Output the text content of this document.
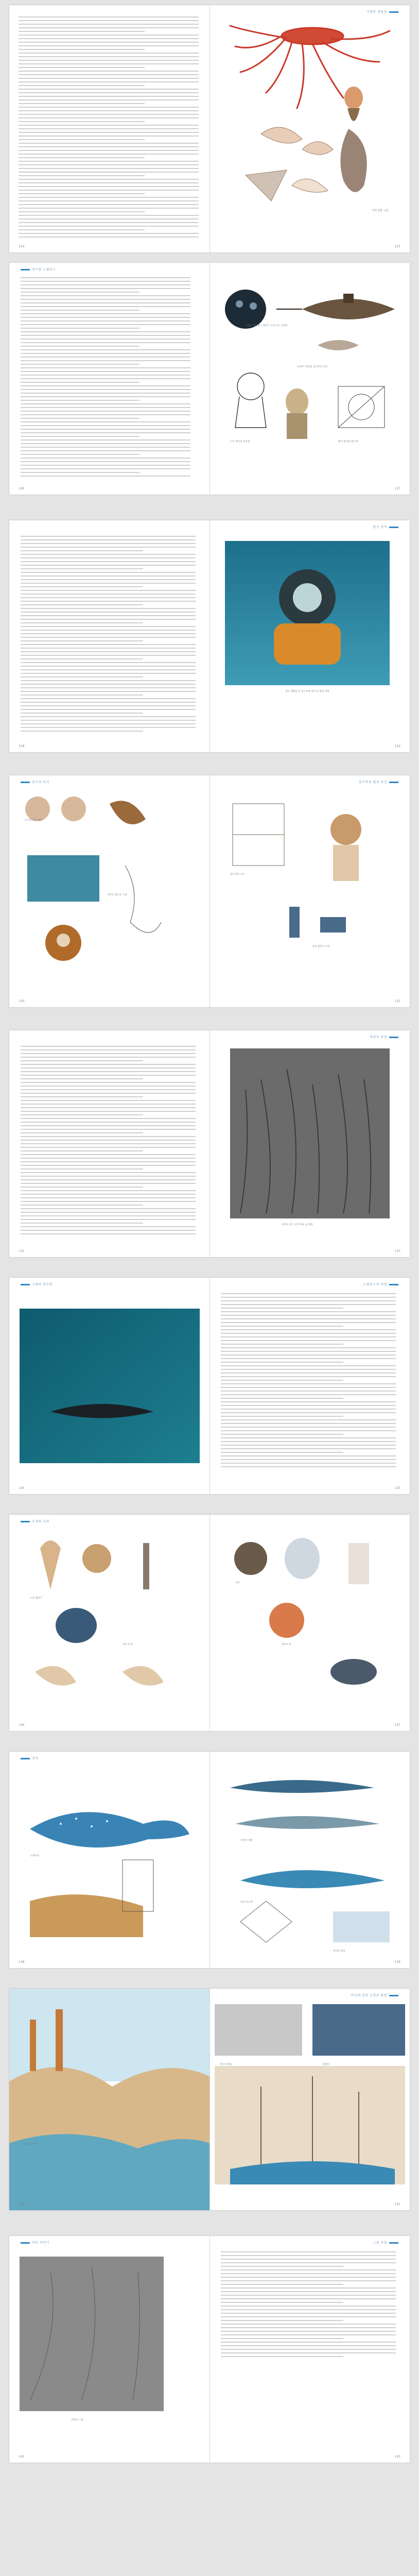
124
거대한 생물들
거대 생물 그림
125
잠수함 노틸러스
126
프랑스 잠수함 노틸러스 호의 초기 설계도
19세기 후반의 잠수복과 장비
나르 방식의 잠수함	해저 탐사용 잠수정
127
128
잠수 장비
잠수 헬멧을 쓴 잠수부와 바다 속 탐험 장면
129
잠수의 역사
초기의 잠수 헬멧
바닷속 잠수부 그림
130
잠수복의 발전 과정
잠수복의 구조
물속 탐험 도구들
131
132
바닷속 풍경
바닷속 깊은 곳의 해초 숲 판화
133
고래와 잠수함
134
노틸러스의 여행
135
조개와 소라
소라 껍데기
바다 조개
136
산호
앵무조개
137
상어
고래상어
138
바다의 생물
바다 돌고래
상어의 종류
139
산호초 지대
140
바다에 관한 모험과 탐험
항구의 배들	탐험선
141
바다 이야기
바닷속 그림
142
그림 목록
143
